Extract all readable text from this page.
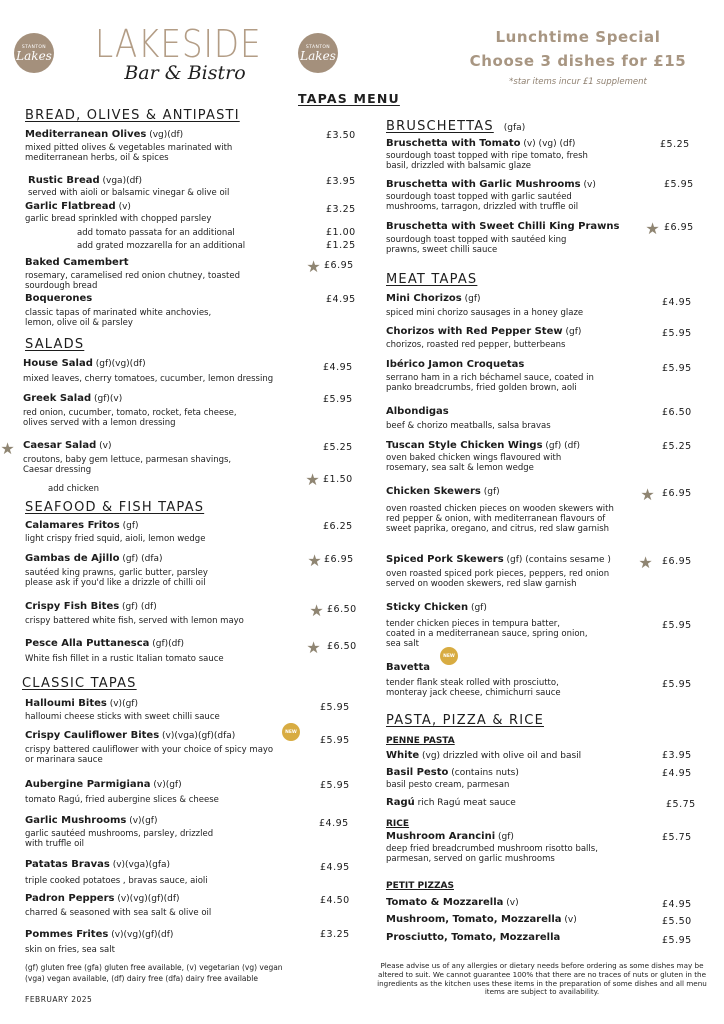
STANTON
Lakes LAKESIDE
Bar & Bistro
STANTON
Lakes
Lunchtime Special
Choose 3 dishes for £15
*star items incur £1 supplement
TAPAS MENU
BREAD, OLIVES & ANTIPASTI
Mediterranean Olives (vg)(df)
mixed pitted olives & vegetables marinated with
mediterranean herbs, oil & spices
£3.50
Rustic Bread (vga)(df)
served with aioli or balsamic vinegar & olive oil
£3.95
Garlic Flatbread (v)
garlic bread sprinkled with chopped parsley
£3.25
add tomato passata for an additional	£1.00
add grated mozzarella for an additional	£1.25
Baked Camembert
rosemary, caramelised red onion chutney, toasted
sourdough bread
£6.95
★
Boquerones
classic tapas of marinated white anchovies,
lemon, olive oil & parsley
£4.95
SALADS
House Salad (gf)(vg)(df)
mixed leaves, cherry tomatoes, cucumber, lemon dressing
£4.95
Greek Salad (gf)(v)
red onion, cucumber, tomato, rocket, feta cheese,
olives served with a lemon dressing
£5.95
Caesar Salad (v)
croutons, baby gem lettuce, parmesan shavings,
Caesar dressing
£5.25
★
add chicken
£1.50
★
SEAFOOD & FISH TAPAS
Calamares Fritos (gf)
light crispy fried squid, aioli, lemon wedge
£6.25
Gambas de Ajillo (gf) (dfa)
sautéed king prawns, garlic butter, parsley
please ask if you'd like a drizzle of chilli oil
£6.95
★
Crispy Fish Bites (gf) (df)
crispy battered white fish, served with lemon mayo
£6.50
★
Pesce Alla Puttanesca (gf)(df)
White fish fillet in a rustic Italian tomato sauce
£6.50
★
CLASSIC TAPAS
Halloumi Bites (v)(gf)
halloumi cheese sticks with sweet chilli sauce
£5.95
Crispy Cauliflower Bites (v)(vga)(gf)(dfa)
crispy battered cauliflower with your choice of spicy mayo
or marinara sauce
£5.95
NEW
Aubergine Parmigiana (v)(gf)
tomato Ragú, fried aubergine slices & cheese
£5.95
Garlic Mushrooms (v)(gf)
garlic sautéed mushrooms, parsley, drizzled
with truffle oil
£4.95
Patatas Bravas (v)(vga)(gfa)
triple cooked potatoes , bravas sauce, aioli
£4.95
Padron Peppers (v)(vg)(gf)(df)
charred & seasoned with sea salt & olive oil
£4.50
Pommes Frites (v)(vg)(gf)(df)
skin on fries, sea salt
£3.25
BRUSCHETTAS (gfa)
Bruschetta with Tomato (v) (vg) (df)
sourdough toast topped with ripe tomato, fresh
basil, drizzled with balsamic glaze
£5.25
Bruschetta with Garlic Mushrooms (v)
sourdough toast topped with garlic sautéed
mushrooms, tarragon, drizzled with truffle oil
£5.95
Bruschetta with Sweet Chilli King Prawns
sourdough toast topped with sautéed king
prawns, sweet chilli sauce
£6.95
★
MEAT TAPAS
Mini Chorizos (gf)
spiced mini chorizo sausages in a honey glaze
£4.95
Chorizos with Red Pepper Stew (gf)
chorizos, roasted red pepper, butterbeans
£5.95
Ibérico Jamon Croquetas
serrano ham in a rich béchamel sauce, coated in
panko breadcrumbs, fried golden brown, aoli
£5.95
Albondigas
beef & chorizo meatballs, salsa bravas
£6.50
Tuscan Style Chicken Wings (gf) (df)
oven baked chicken wings flavoured with
rosemary, sea salt & lemon wedge
£5.25
Chicken Skewers (gf)
oven roasted chicken pieces on wooden skewers with
red pepper & onion, with mediterranean flavours of
sweet paprika, oregano, and citrus, red slaw garnish
£6.95
★
Spiced Pork Skewers (gf) (contains sesame )
oven roasted spiced pork pieces, peppers, red onion
served on wooden skewers, red slaw garnish
£6.95
★
Sticky Chicken (gf)
tender chicken pieces in tempura batter,
coated in a mediterranean sauce, spring onion,
sea salt
£5.95
NEW
Bavetta
tender flank steak rolled with prosciutto,
monteray jack cheese, chimichurri sauce
£5.95
PASTA, PIZZA & RICE
PENNE PASTA
White (vg) drizzled with olive oil and basil	£3.95
Basil Pesto (contains nuts)
basil pesto cream, parmesan
£4.95
Ragú rich Ragú meat sauce	£5.75
RICE
Mushroom Arancini (gf)
deep fried breadcrumbed mushroom risotto balls,
parmesan, served on garlic mushrooms
£5.75
PETIT PIZZAS
Tomato & Mozzarella (v)	£4.95
Mushroom, Tomato, Mozzarella (v)	£5.50
Prosciutto, Tomato, Mozzarella	£5.95
(gf) gluten free (gfa) gluten free available, (v) vegetarian (vg) vegan
(vga) vegan available, (df) dairy free (dfa) dairy free available
FEBRUARY 2025
Please advise us of any allergies or dietary needs before ordering as some dishes may be altered to suit. We cannot guarantee 100% that there are no traces of nuts or gluten in the ingredients as the kitchen uses these items in the preparation of some dishes and all menu items are subject to availability.
